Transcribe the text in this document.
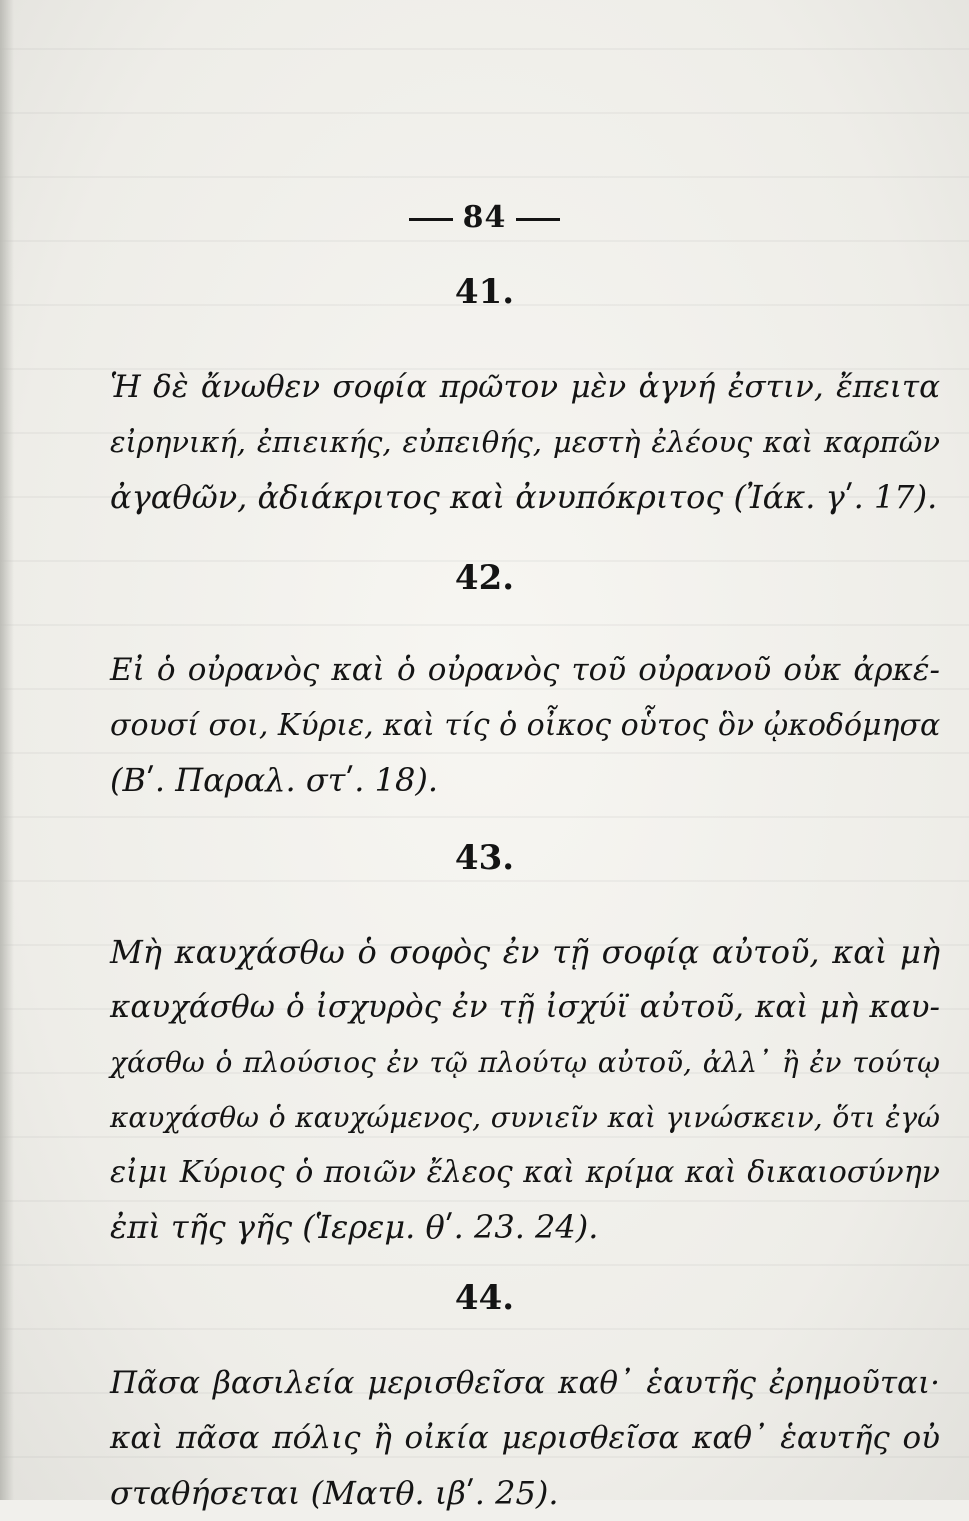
84
41.
Ἡ δὲ ἄνωθεν σοφία πρῶτον μὲν ἁγνή ἐστιν, ἔπειτα
εἰρηνική, ἐπιεικής, εὐπειθής, μεστὴ ἐλέους καὶ καρπῶν
ἀγαθῶν, ἀδιάκριτος καὶ ἀνυπόκριτος (Ἰάκ. γʹ. 17).
42.
Εἰ ὁ οὐρανὸς καὶ ὁ οὐρανὸς τοῦ οὐρανοῦ οὐκ ἀρκέ-
σουσί σοι, Κύριε, καὶ τίς ὁ οἶκος οὗτος ὃν ᾠκοδόμησα
(Βʹ. Παραλ. στʹ. 18).
43.
Μὴ καυχάσθω ὁ σοφὸς ἐν τῇ σοφίᾳ αὐτοῦ, καὶ μὴ
καυχάσθω ὁ ἰσχυρὸς ἐν τῇ ἰσχύϊ αὐτοῦ, καὶ μὴ καυ-
χάσθω ὁ πλούσιος ἐν τῷ πλούτῳ αὐτοῦ, ἀλλ᾽ ἢ ἐν τούτῳ
καυχάσθω ὁ καυχώμενος, συνιεῖν καὶ γινώσκειν, ὅτι ἐγώ
εἰμι Κύριος ὁ ποιῶν ἔλεος καὶ κρίμα καὶ δικαιοσύνην
ἐπὶ τῆς γῆς (Ἱερεμ. θʹ. 23. 24).
44.
Πᾶσα βασιλεία μερισθεῖσα καθ᾽ ἑαυτῆς ἐρημοῦται·
καὶ πᾶσα πόλις ἢ οἰκία μερισθεῖσα καθ᾽ ἑαυτῆς οὐ
σταθήσεται (Ματθ. ιβʹ. 25).
